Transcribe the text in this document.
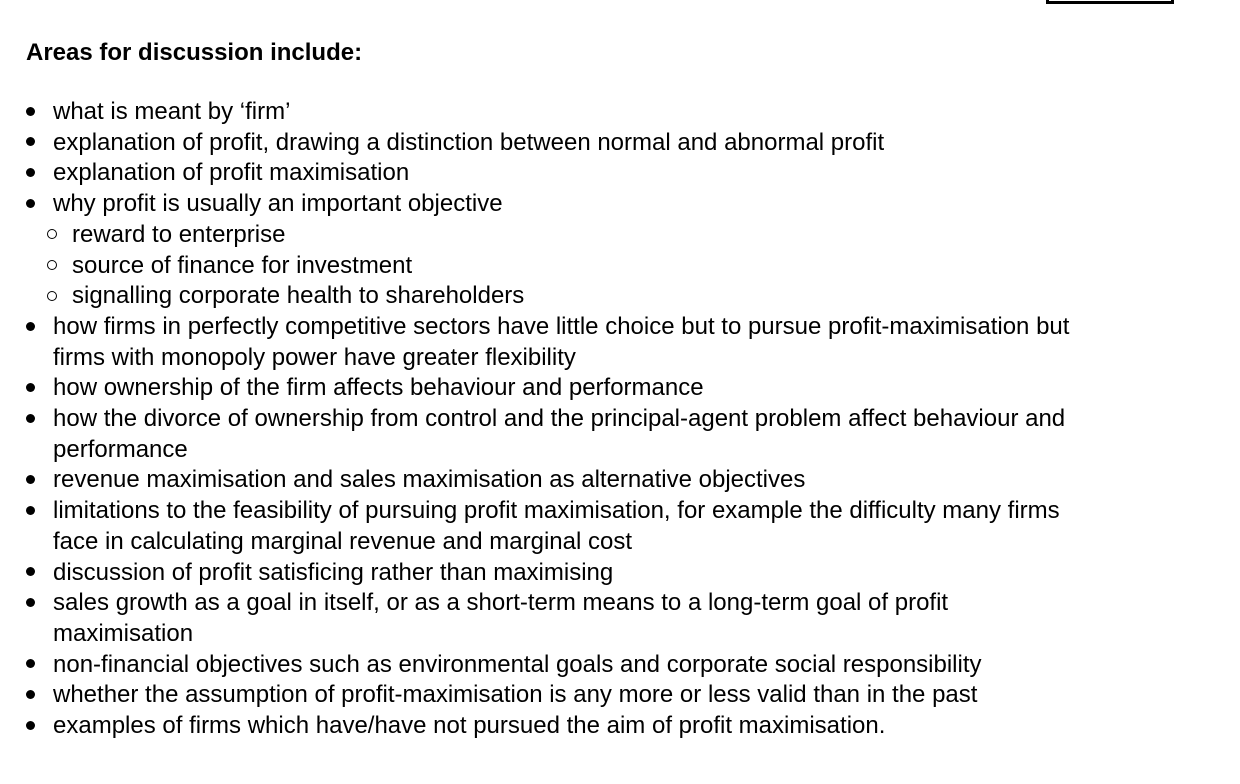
Areas for discussion include:
what is meant by ‘firm’
explanation of profit, drawing a distinction between normal and abnormal profit
explanation of profit maximisation
why profit is usually an important objective
reward to enterprise
source of finance for investment
signalling corporate health to shareholders
how firms in perfectly competitive sectors have little choice but to pursue profit-maximisation but
firms with monopoly power have greater flexibility
how ownership of the firm affects behaviour and performance
how the divorce of ownership from control and the principal-agent problem affect behaviour and
performance
revenue maximisation and sales maximisation as alternative objectives
limitations to the feasibility of pursuing profit maximisation, for example the difficulty many firms
face in calculating marginal revenue and marginal cost
discussion of profit satisficing rather than maximising
sales growth as a goal in itself, or as a short-term means to a long-term goal of profit
maximisation
non-financial objectives such as environmental goals and corporate social responsibility
whether the assumption of profit-maximisation is any more or less valid than in the past
examples of firms which have/have not pursued the aim of profit maximisation.
